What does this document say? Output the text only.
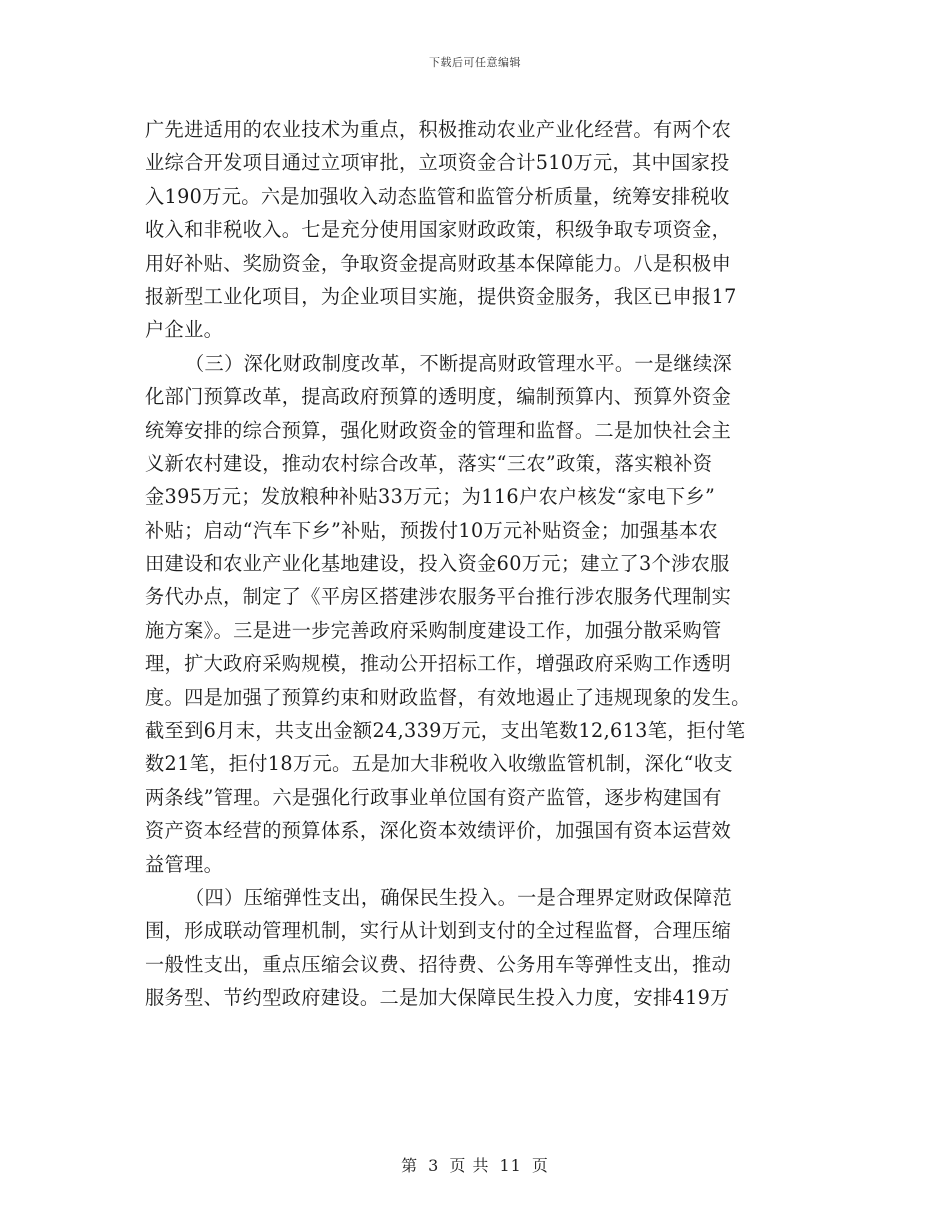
下载后可任意编辑
广先进适用的农业技术为重点，积极推动农业产业化经营。有两个农
业综合开发项目通过立项审批，立项资金合计510万元，其中国家投
入190万元。六是加强收入动态监管和监管分析质量，统筹安排税收
收入和非税收入。七是充分使用国家财政政策，积级争取专项资金，
用好补贴、奖励资金，争取资金提高财政基本保障能力。八是积极申
报新型工业化项目，为企业项目实施，提供资金服务，我区已申报17
户企业。
（三）深化财政制度改革，不断提高财政管理水平。一是继续深
化部门预算改革，提高政府预算的透明度，编制预算内、预算外资金
统筹安排的综合预算，强化财政资金的管理和监督。二是加快社会主
义新农村建设，推动农村综合改革，落实“三农”政策，落实粮补资
金395万元；发放粮种补贴33万元；为116户农户核发“家电下乡”
补贴；启动“汽车下乡”补贴，预拨付10万元补贴资金；加强基本农
田建设和农业产业化基地建设，投入资金60万元；建立了3个涉农服
务代办点，制定了《平房区搭建涉农服务平台推行涉农服务代理制实
施方案》。三是进一步完善政府采购制度建设工作，加强分散采购管
理，扩大政府采购规模，推动公开招标工作，增强政府采购工作透明
度。四是加强了预算约束和财政监督，有效地遏止了违规现象的发生。
截至到6月末，共支出金额24,339万元，支出笔数12,613笔，拒付笔
数21笔，拒付18万元。五是加大非税收入收缴监管机制，深化“收支
两条线”管理。六是强化行政事业单位国有资产监管，逐步构建国有
资产资本经营的预算体系，深化资本效绩评价，加强国有资本运营效
益管理。
（四）压缩弹性支出，确保民生投入。一是合理界定财政保障范
围，形成联动管理机制，实行从计划到支付的全过程监督，合理压缩
一般性支出，重点压缩会议费、招待费、公务用车等弹性支出，推动
服务型、节约型政府建设。二是加大保障民生投入力度，安排419万
第 3 页 共 11 页
